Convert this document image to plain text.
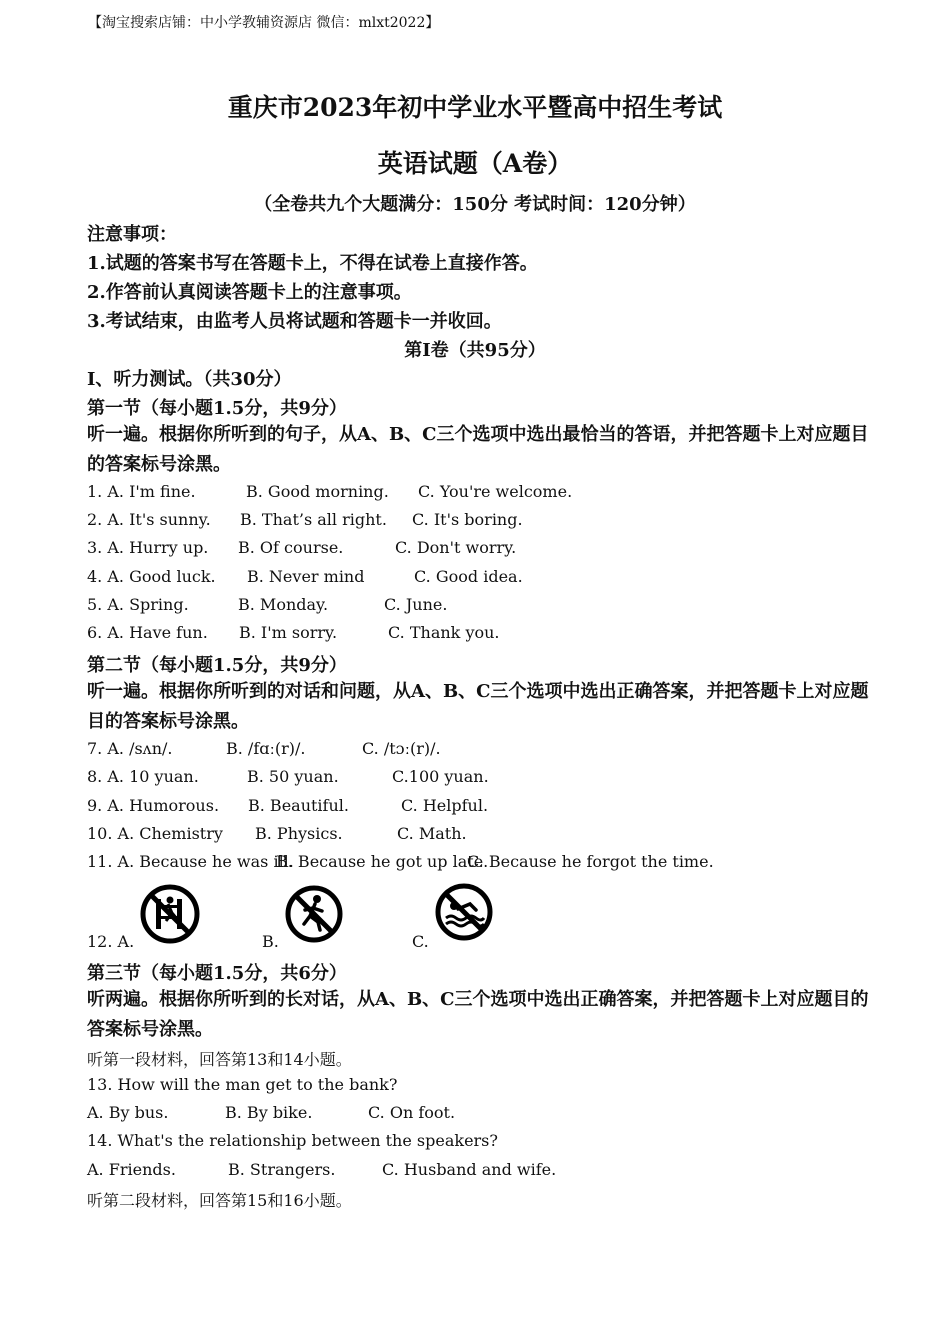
【淘宝搜索店铺：中小学教辅资源店 微信：mlxt2022】
重庆市2023年初中学业水平暨高中招生考试
英语试题（A卷）
（全卷共九个大题满分：150分 考试时间：120分钟）
注意事项：
1.试题的答案书写在答题卡上，不得在试卷上直接作答。
2.作答前认真阅读答题卡上的注意事项。
3.考试结束，由监考人员将试题和答题卡一并收回。
第Ⅰ卷（共95分）
Ⅰ、听力测试。（共30分）
第一节（每小题1.5分，共9分）
听一遍。根据你所听到的句子，从A、B、C三个选项中选出最恰当的答语，并把答题卡上对应题目的答案标号涂黑。
1. A. I'm fine.	B. Good morning. C. You're welcome.
2. A. It's sunny. B. That’s all right. C. It's boring.
3. A. Hurry up. B. Of course.	C. Don't worry.
4. A. Good luck. B. Never mind	C. Good idea.
5. A. Spring.	B. Monday.	C. June.
6. A. Have fun. B. I'm sorry.	C. Thank you.
第二节（每小题1.5分，共9分）
听一遍。根据你所听到的对话和问题，从A、B、C三个选项中选出正确答案，并把答题卡上对应题目的答案标号涂黑。
7. A. /sʌn/.	B. /fɑː(r)/.	C. /tɔː(r)/.
8. A. 10 yuan.	B. 50 yuan.	C.100 yuan.
9. A. Humorous. B. Beautiful.	C. Helpful.
10. A. Chemistry B. Physics.	C. Math.
11. A. Because he was ill.
B. Because he got up late.
C. Because he forgot the time.
12. A.	B.	C.
第三节（每小题1.5分，共6分）
听两遍。根据你所听到的长对话，从A、B、C三个选项中选出正确答案，并把答题卡上对应题目的答案标号涂黑。
听第一段材料，回答第13和14小题。
13. How will the man get to the bank?
A. By bus.	B. By bike.	C. On foot.
14. What's the relationship between the speakers?
A. Friends.	B. Strangers.	C. Husband and wife.
听第二段材料，回答第15和16小题。
